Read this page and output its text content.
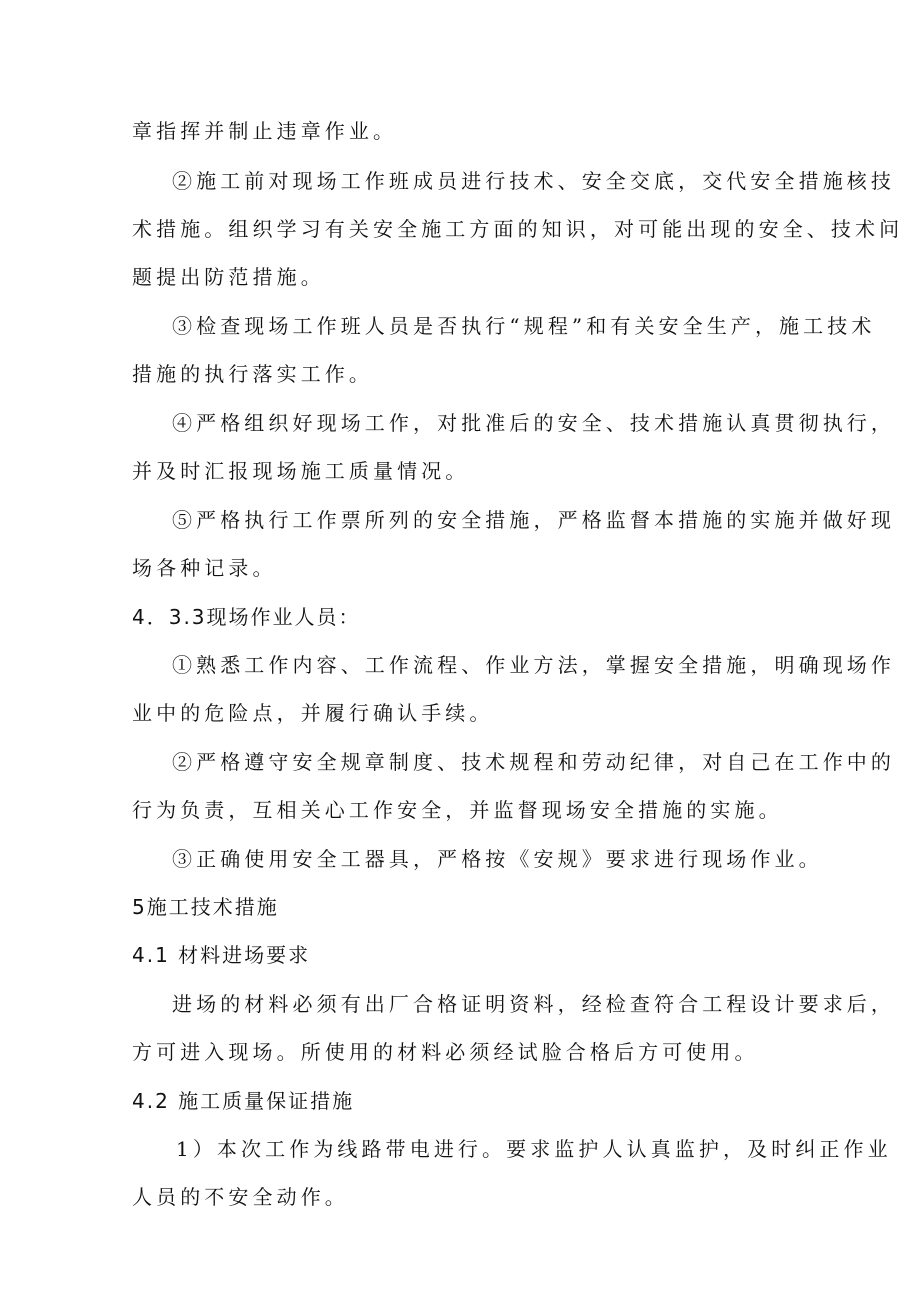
章指挥并制止违章作业。
②施工前对现场工作班成员进行技术、安全交底，交代安全措施核技
术措施。组织学习有关安全施工方面的知识，对可能出现的安全、技术问
题提出防范措施。
③检查现场工作班人员是否执行“规程”和有关安全生产，施工技术
措施的执行落实工作。
④严格组织好现场工作，对批准后的安全、技术措施认真贯彻执行，
并及时汇报现场施工质量情况。
⑤严格执行工作票所列的安全措施，严格监督本措施的实施并做好现
场各种记录。
4．3.3现场作业人员：
①熟悉工作内容、工作流程、作业方法，掌握安全措施，明确现场作
业中的危险点，并履行确认手续。
②严格遵守安全规章制度、技术规程和劳动纪律，对自己在工作中的
行为负责，互相关心工作安全，并监督现场安全措施的实施。
③正确使用安全工器具，严格按《安规》要求进行现场作业。
5施工技术措施
4.1 材料进场要求
进场的材料必须有出厂合格证明资料，经检查符合工程设计要求后，
方可进入现场。所使用的材料必须经试脸合格后方可使用。
4.2 施工质量保证措施
1）本次工作为线路带电进行。要求监护人认真监护，及时纠正作业
人员的不安全动作。
